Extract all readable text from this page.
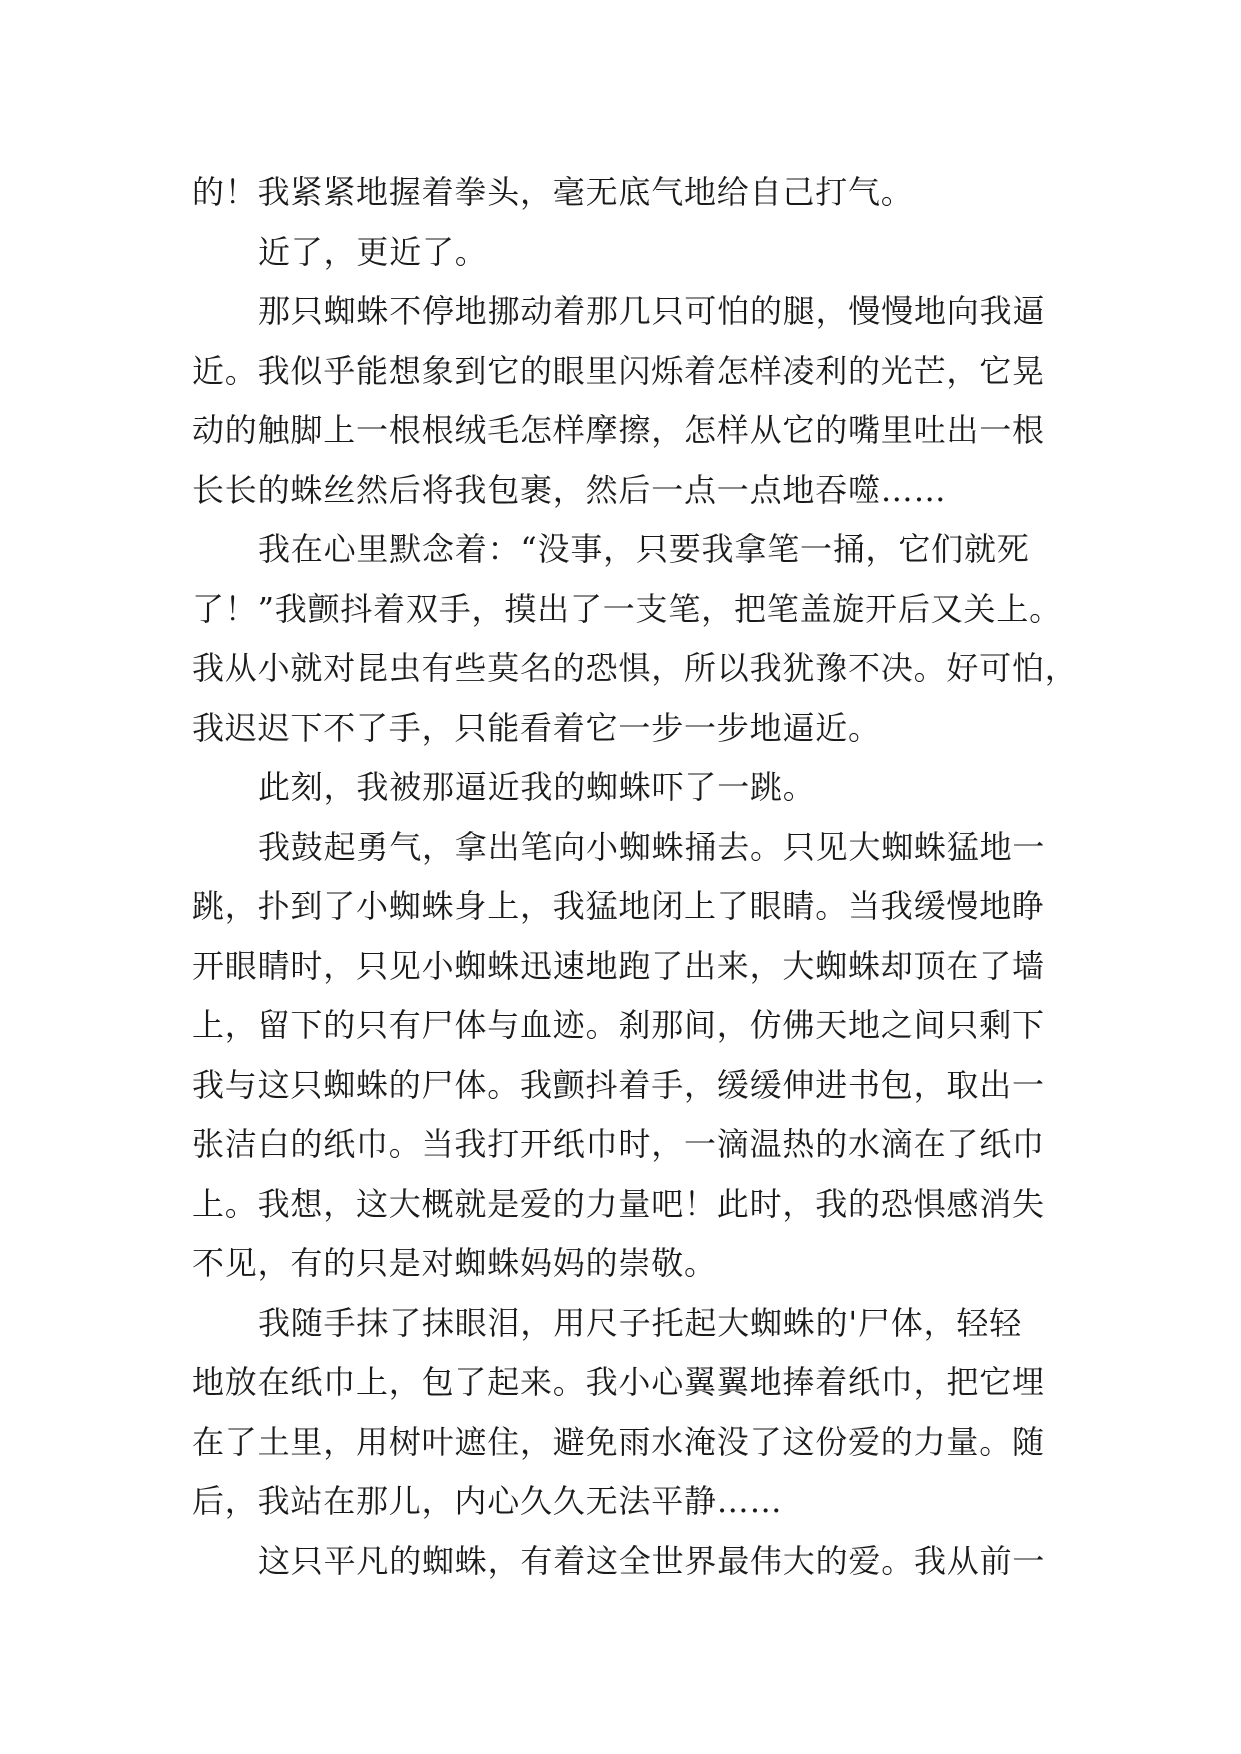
的！我紧紧地握着拳头，毫无底气地给自己打气。
近了，更近了。
那只蜘蛛不停地挪动着那几只可怕的腿，慢慢地向我逼
近。我似乎能想象到它的眼里闪烁着怎样凌利的光芒，它晃
动的触脚上一根根绒毛怎样摩擦，怎样从它的嘴里吐出一根
长长的蛛丝然后将我包裹，然后一点一点地吞噬……
我在心里默念着：“没事，只要我拿笔一捅，它们就死
了！”我颤抖着双手，摸出了一支笔，把笔盖旋开后又关上。
我从小就对昆虫有些莫名的恐惧，所以我犹豫不决。好可怕，
我迟迟下不了手，只能看着它一步一步地逼近。
此刻，我被那逼近我的蜘蛛吓了一跳。
我鼓起勇气，拿出笔向小蜘蛛捅去。只见大蜘蛛猛地一
跳，扑到了小蜘蛛身上，我猛地闭上了眼睛。当我缓慢地睁
开眼睛时，只见小蜘蛛迅速地跑了出来，大蜘蛛却顶在了墙
上，留下的只有尸体与血迹。刹那间，仿佛天地之间只剩下
我与这只蜘蛛的尸体。我颤抖着手，缓缓伸进书包，取出一
张洁白的纸巾。当我打开纸巾时，一滴温热的水滴在了纸巾
上。我想，这大概就是爱的力量吧！此时，我的恐惧感消失
不见，有的只是对蜘蛛妈妈的崇敬。
我随手抹了抹眼泪，用尺子托起大蜘蛛的'尸体，轻轻
地放在纸巾上，包了起来。我小心翼翼地捧着纸巾，把它埋
在了土里，用树叶遮住，避免雨水淹没了这份爱的力量。随
后，我站在那儿，内心久久无法平静……
这只平凡的蜘蛛，有着这全世界最伟大的爱。我从前一
